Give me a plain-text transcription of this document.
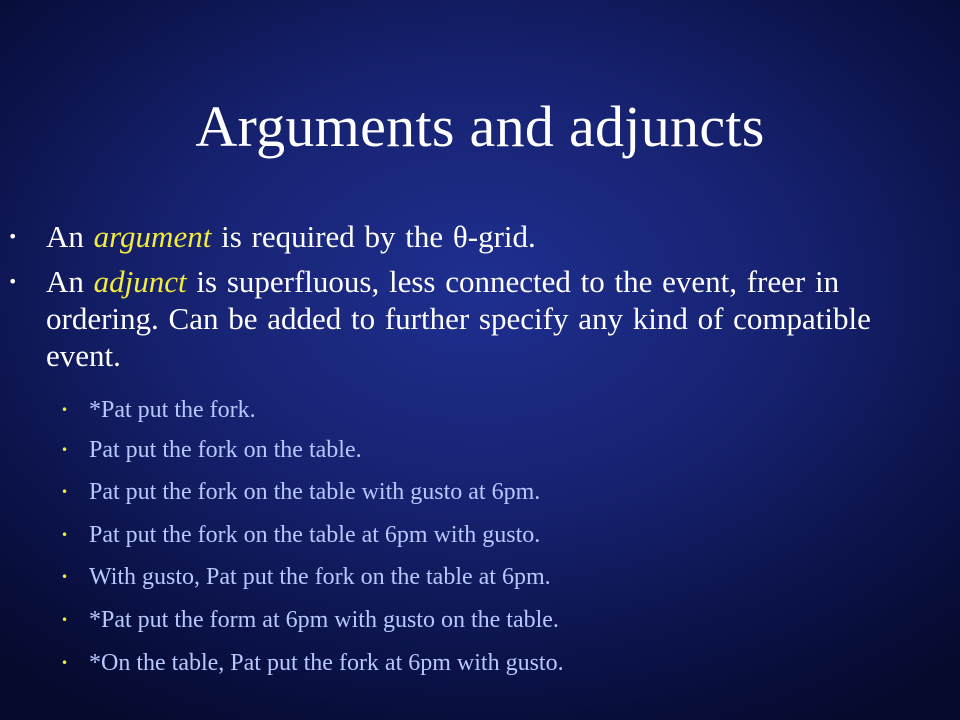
Arguments and adjuncts
• An argument is required by the θ-grid.
• An adjunct is superfluous, less connected to the event, freer in ordering. Can be added to further specify any kind of compatible event.
• *Pat put the fork.
• Pat put the fork on the table.
• Pat put the fork on the table with gusto at 6pm.
• Pat put the fork on the table at 6pm with gusto.
• With gusto, Pat put the fork on the table at 6pm.
• *Pat put the form at 6pm with gusto on the table.
• *On the table, Pat put the fork at 6pm with gusto.
